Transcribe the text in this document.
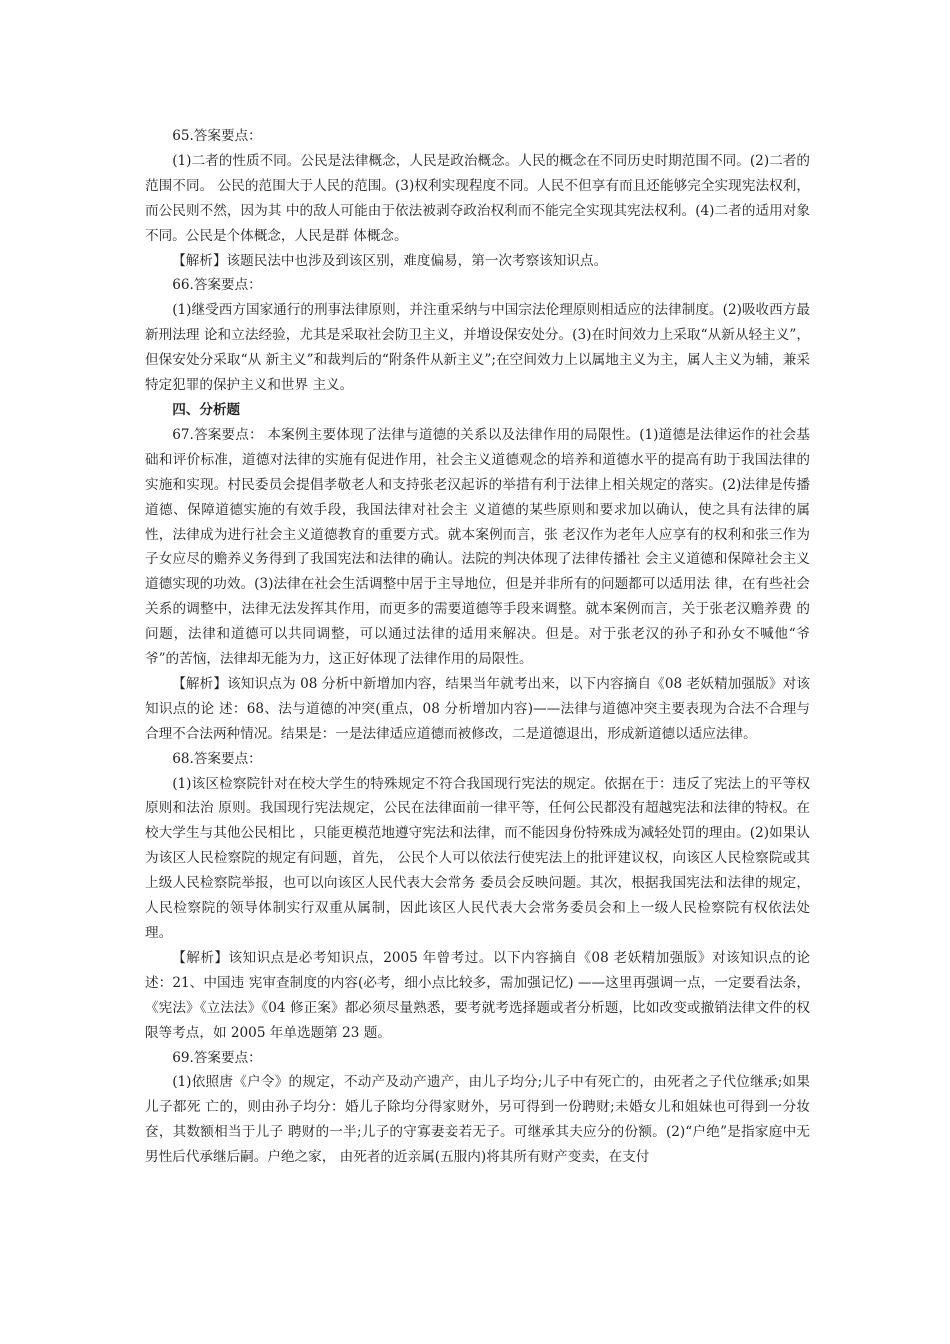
65.答案要点：

(1)二者的性质不同。公民是法律概念，人民是政治概念。人民的概念在不同历史时期范围不同。(2)二者的范围不同。 公民的范围大于人民的范围。(3)权利实现程度不同。人民不但享有而且还能够完全实现宪法权利，而公民则不然，因为其 中的敌人可能由于依法被剥夺政治权利而不能完全实现其宪法权利。(4)二者的适用对象不同。公民是个体概念，人民是群 体概念。

【解析】该题民法中也涉及到该区别，难度偏易，第一次考察该知识点。

66.答案要点：

(1)继受西方国家通行的刑事法律原则，并注重采纳与中国宗法伦理原则相适应的法律制度。(2)吸收西方最新刑法理 论和立法经验，尤其是采取社会防卫主义，并增设保安处分。(3)在时间效力上采取“从新从轻主义”，但保安处分采取“从 新主义”和裁判后的“附条件从新主义”;在空间效力上以属地主义为主，属人主义为辅，兼采特定犯罪的保护主义和世界 主义。

四、分析题

67.答案要点： 本案例主要体现了法律与道德的关系以及法律作用的局限性。(1)道德是法律运作的社会基础和评价标准，道德对法律的实施有促进作用，社会主义道德观念的培养和道德水平的提高有助于我国法律的实施和实现。村民委员会提倡孝敬老人和支持张老汉起诉的举措有利于法律上相关规定的落实。(2)法律是传播道德、保障道德实施的有效手段，我国法律对社会主 义道德的某些原则和要求加以确认，使之具有法律的属性，法律成为进行社会主义道德教育的重要方式。就本案例而言，张 老汉作为老年人应享有的权利和张三作为子女应尽的赡养义务得到了我国宪法和法律的确认。法院的判决体现了法律传播社 会主义道德和保障社会主义道德实现的功效。(3)法律在社会生活调整中居于主导地位，但是并非所有的问题都可以适用法 律，在有些社会关系的调整中，法律无法发挥其作用，而更多的需要道德等手段来调整。就本案例而言，关于张老汉赡养费 的问题，法律和道德可以共同调整，可以通过法律的适用来解决。但是。对于张老汉的孙子和孙女不喊他“爷爷”的苦恼，法律却无能为力，这正好体现了法律作用的局限性。

【解析】该知识点为 08 分析中新增加内容，结果当年就考出来，以下内容摘自《08 老妖精加强版》对该知识点的论 述：68、法与道德的冲突(重点，08 分析增加内容)——法律与道德冲突主要表现为合法不合理与合理不合法两种情况。结果是：一是法律适应道德而被修改，二是道德退出，形成新道德以适应法律。

68.答案要点：

(1)该区检察院针对在校大学生的特殊规定不符合我国现行宪法的规定。依据在于：违反了宪法上的平等权原则和法治 原则。我国现行宪法规定，公民在法律面前一律平等，任何公民都没有超越宪法和法律的特权。在校大学生与其他公民相比 ，只能更模范地遵守宪法和法律，而不能因身份特殊成为减轻处罚的理由。(2)如果认为该区人民检察院的规定有问题，首先， 公民个人可以依法行使宪法上的批评建议权，向该区人民检察院或其上级人民检察院举报，也可以向该区人民代表大会常务 委员会反映问题。其次，根据我国宪法和法律的规定，人民检察院的领导体制实行双重从属制，因此该区人民代表大会常务委员会和上一级人民检察院有权依法处理。

【解析】该知识点是必考知识点，2005 年曾考过。以下内容摘自《08 老妖精加强版》对该知识点的论述：21、中国违 宪审查制度的内容(必考，细小点比较多，需加强记忆) ——这里再强调一点，一定要看法条，《宪法》《立法法》《04 修正案》都必须尽量熟悉，要考就考选择题或者分析题，比如改变或撤销法律文件的权限等考点，如 2005 年单选题第 23 题。

69.答案要点：

(1)依照唐《户令》的规定，不动产及动产遗产，由儿子均分;儿子中有死亡的，由死者之子代位继承;如果儿子都死 亡的，则由孙子均分：婚儿子除均分得家财外，另可得到一份聘财;未婚女儿和姐妹也可得到一分妆奁，其数额相当于儿子 聘财的一半;儿子的守寡妻妾若无子。可继承其夫应分的份额。(2)“户绝”是指家庭中无男性后代承继后嗣。户绝之家， 由死者的近亲属(五服内)将其所有财产变卖，在支付
